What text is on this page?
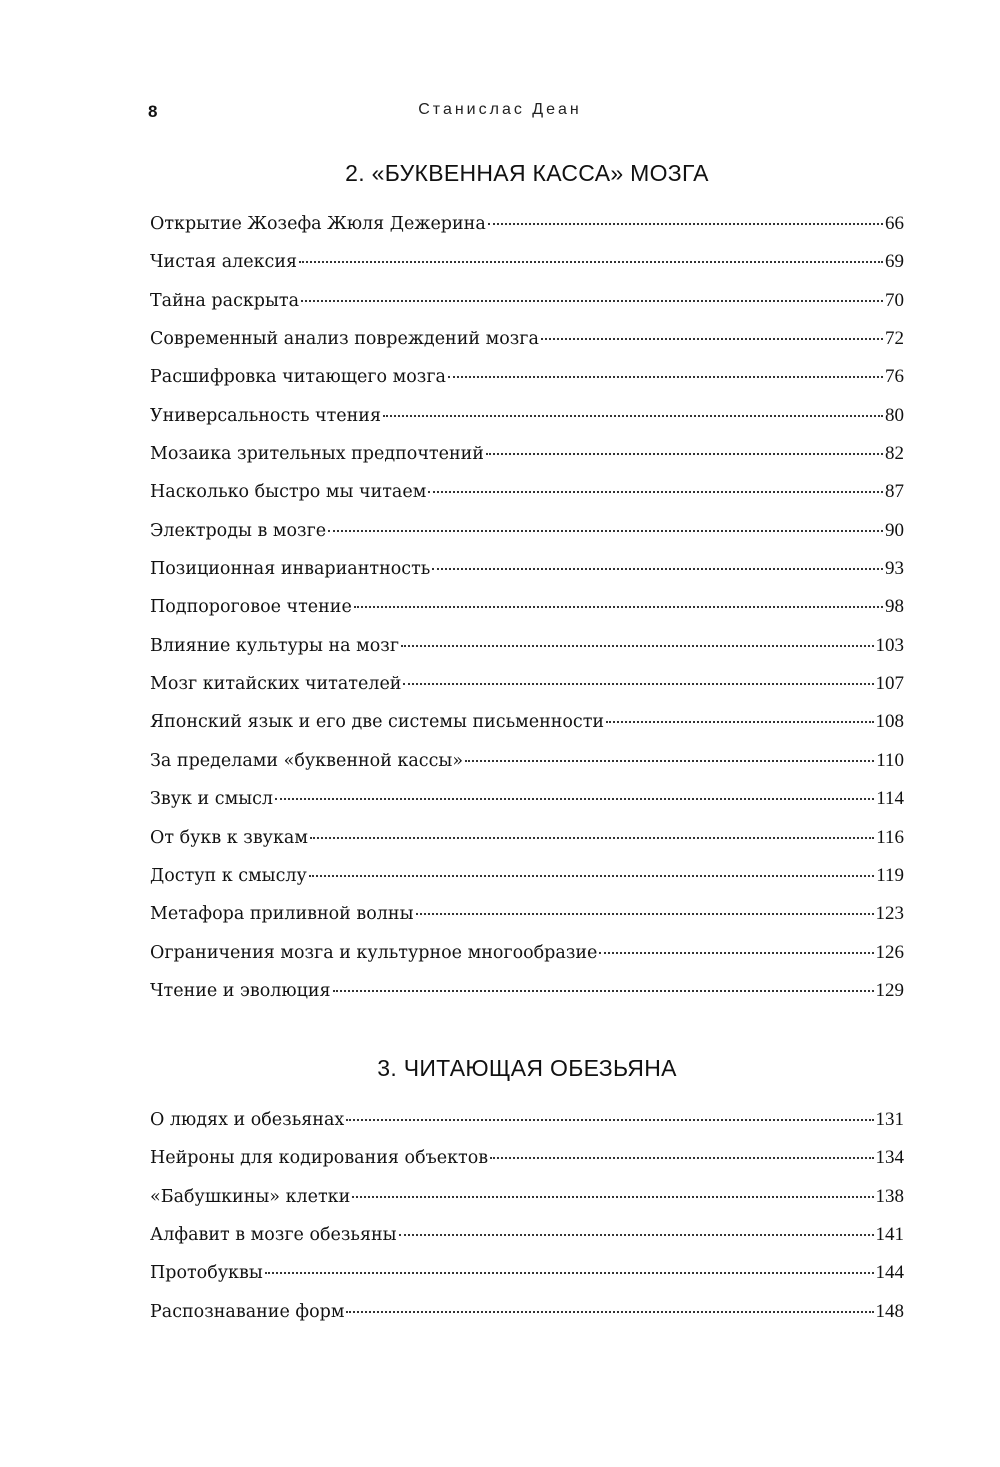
8	Станислас Деан
2. «БУКВЕННАЯ КАССА» МОЗГА
Открытие Жозефа Жюля Дежерина	66
Чистая алексия	69
Тайна раскрыта	70
Современный анализ повреждений мозга	72
Расшифровка читающего мозга	76
Универсальность чтения	80
Мозаика зрительных предпочтений	82
Насколько быстро мы читаем	87
Электроды в мозге	90
Позиционная инвариантность	93
Подпороговое чтение	98
Влияние культуры на мозг	103
Мозг китайских читателей	107
Японский язык и его две системы письменности	108
За пределами «буквенной кассы»	110
Звук и смысл	114
От букв к звукам	116
Доступ к смыслу	119
Метафора приливной волны	123
Ограничения мозга и культурное многообразие	126
Чтение и эволюция	129
3. ЧИТАЮЩАЯ ОБЕЗЬЯНА
О людях и обезьянах	131
Нейроны для кодирования объектов	134
«Бабушкины» клетки	138
Алфавит в мозге обезьяны	141
Протобуквы	144
Распознавание форм	148
